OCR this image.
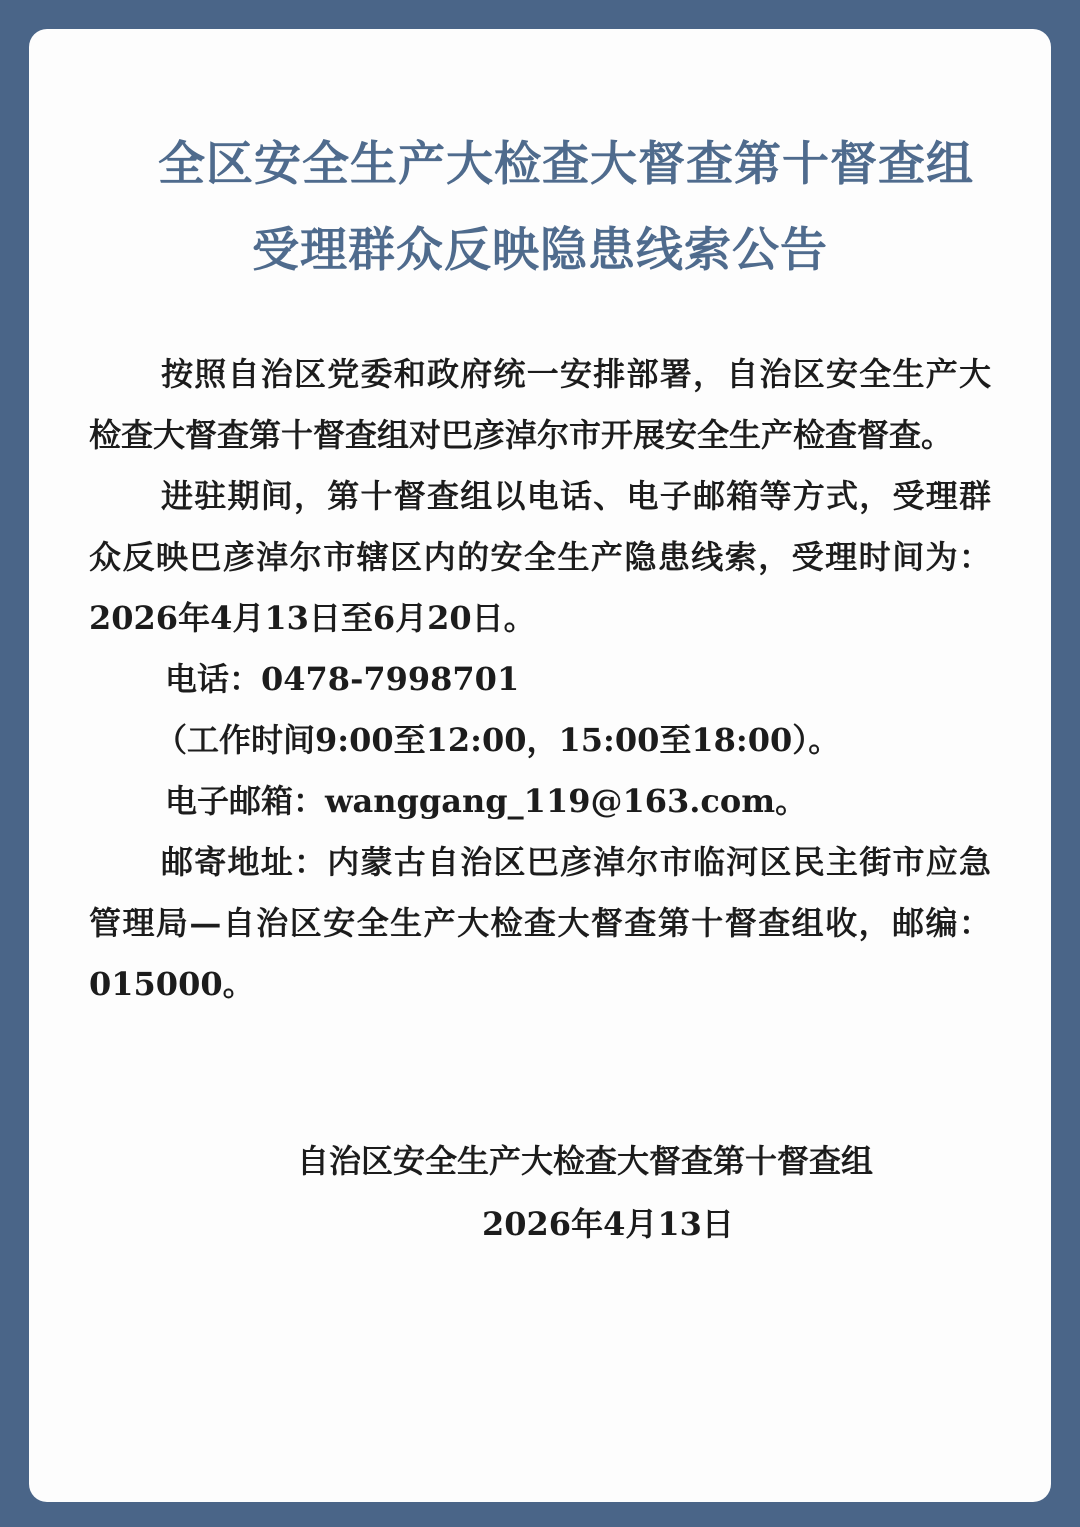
全区安全生产大检查大督查第十督查组
受理群众反映隐患线索公告

按照自治区党委和政府统一安排部署，自治区安全生产大检查大督查第十督查组对巴彦淖尔市开展安全生产检查督查。

进驻期间，第十督查组以电话、电子邮箱等方式，受理群众反映巴彦淖尔市辖区内的安全生产隐患线索，受理时间为：2026年4月13日至6月20日。

电话：0478-7998701

（工作时间9:00至12:00，15:00至18:00）。

电子邮箱：wanggang_119@163.com。

邮寄地址：内蒙古自治区巴彦淖尔市临河区民主街市应急管理局—自治区安全生产大检查大督查第十督查组收，邮编：015000。

自治区安全生产大检查大督查第十督查组
2026年4月13日
